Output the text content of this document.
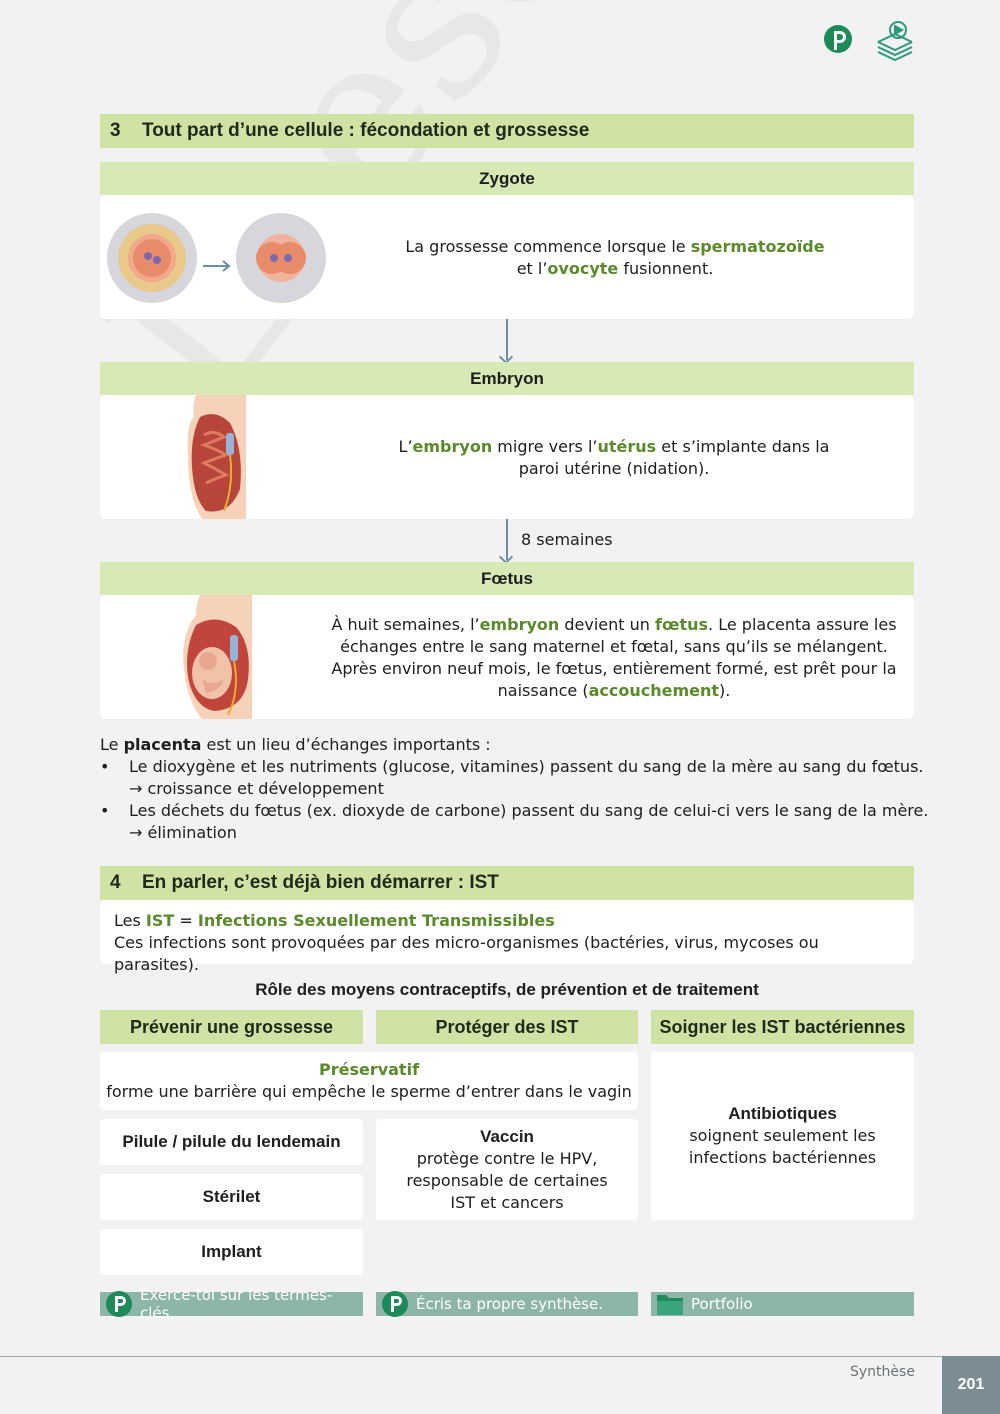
3	Tout part d’une cellule : fécondation et grossesse
Zygote
La grossesse commence lorsque le spermatozoïde
et l’ovocyte fusionnent.
Embryon
L’embryon migre vers l’utérus et s’implante dans la paroi utérine (nidation).
8 semaines
Fœtus
À huit semaines, l’embryon devient un fœtus. Le placenta assure les échanges entre le sang maternel et fœtal, sans qu’ils se mélangent. Après environ neuf mois, le fœtus, entièrement formé, est prêt pour la naissance (accouchement).
Le placenta est un lieu d’échanges importants :
• Le dioxygène et les nutriments (glucose, vitamines) passent du sang de la mère au sang du fœtus.
→ croissance et développement
• Les déchets du fœtus (ex. dioxyde de carbone) passent du sang de celui-ci vers le sang de la mère.
→ élimination
4	En parler, c’est déjà bien démarrer : IST
Les IST = Infections Sexuellement Transmissibles
Ces infections sont provoquées par des micro-organismes (bactéries, virus, mycoses ou parasites).
Rôle des moyens contraceptifs, de prévention et de traitement
Prévenir une grossesse	Protéger des IST	Soigner les IST bactériennes
Préservatif
forme une barrière qui empêche le sperme d’entrer dans le vagin
Antibiotiques
soignent seulement les infections bactériennes
Pilule / pilule du lendemain	Vaccin
protège contre le HPV, responsable de certaines IST et cancers
Stérilet
Implant
Exerce-toi sur les termes-clés.	Écris ta propre synthèse.	Portfolio
Synthèse
201
